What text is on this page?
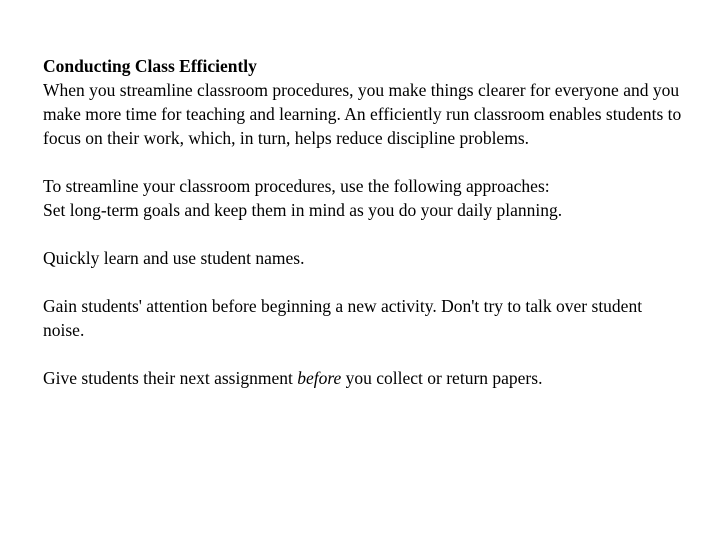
Conducting Class Efficiently

When you streamline classroom procedures, you make things clearer for everyone and you make more time for teaching and learning. An efficiently run classroom enables students to focus on their work, which, in turn, helps reduce discipline problems.

To streamline your classroom procedures, use the following approaches:

Set long-term goals and keep them in mind as you do your daily planning.

Quickly learn and use student names.

Gain students' attention before beginning a new activity. Don't try to talk over student noise.

Give students their next assignment before you collect or return papers.
